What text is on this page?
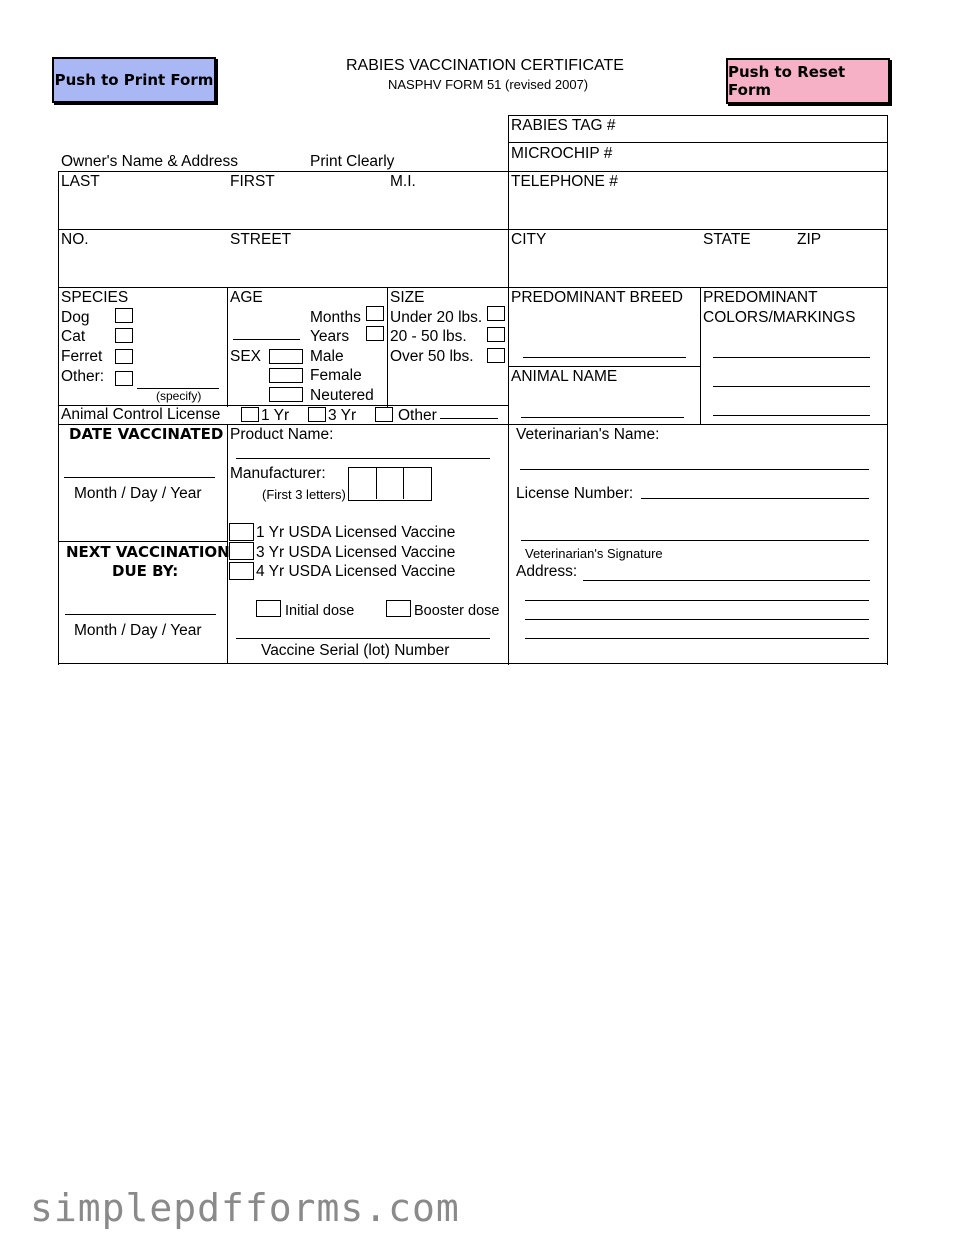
Push to Print Form	Push to Reset Form
RABIES VACCINATION CERTIFICATE
NASPHV FORM 51 (revised 2007)
RABIES TAG #
MICROCHIP #
TELEPHONE #
Owner's Name & Address	Print Clearly
LAST	FIRST	M.I.
NO.	STREET	CITY	STATE	ZIP
SPECIES
Dog
Cat
Ferret
Other:
(specify)
AGE
Months
Years
SEX	Male
Female
Neutered
SIZE
Under 20 lbs.
20 - 50 lbs.
Over 50 lbs.
PREDOMINANT BREED
ANIMAL NAME
PREDOMINANT
COLORS/MARKINGS
Animal Control License	1 Yr	3 Yr	Other
DATE VACCINATED
Month / Day / Year
NEXT VACCINATION
DUE BY:
Month / Day / Year
Product Name:
Manufacturer:
(First 3 letters)
1 Yr USDA Licensed Vaccine
3 Yr USDA Licensed Vaccine
4 Yr USDA Licensed Vaccine
Initial dose	Booster dose
Vaccine Serial (lot) Number
Veterinarian's Name:
License Number:
Veterinarian's Signature
Address:
simplepdfforms.com
